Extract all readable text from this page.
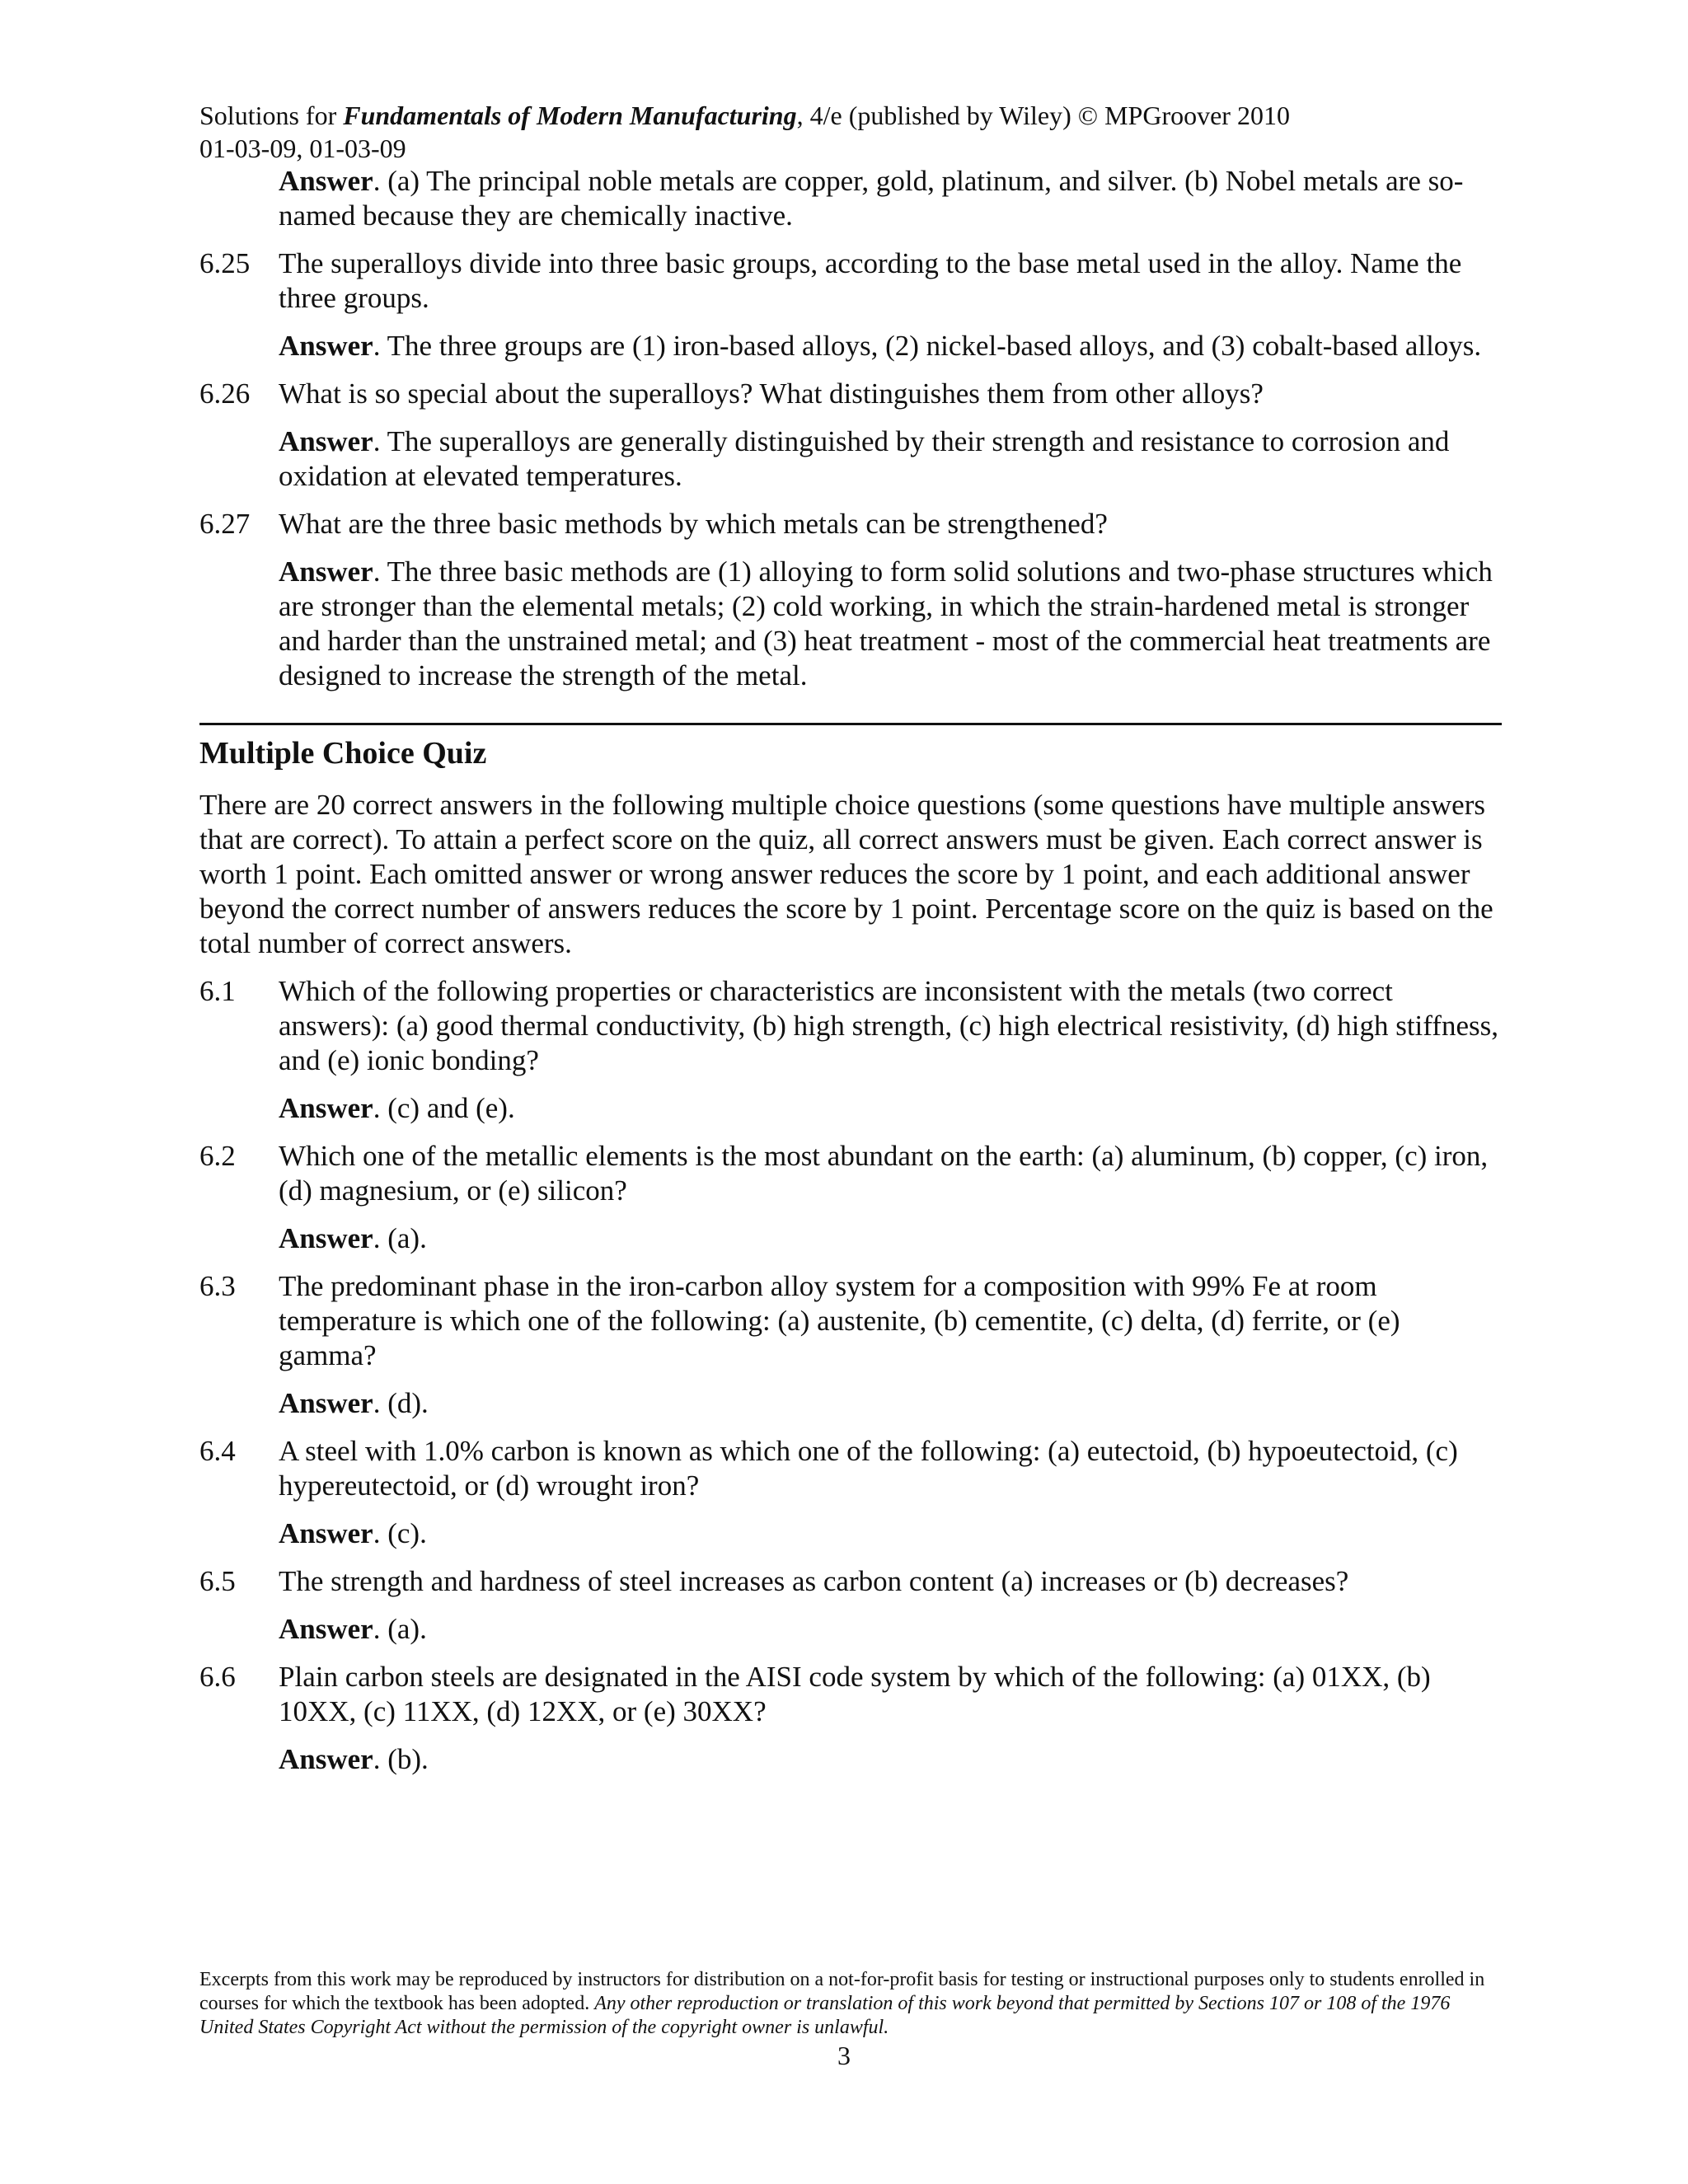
Solutions for Fundamentals of Modern Manufacturing, 4/e (published by Wiley) © MPGroover 2010
01-03-09, 01-03-09
Answer. (a) The principal noble metals are copper, gold, platinum, and silver. (b) Nobel metals are so-named because they are chemically inactive.
6.25 The superalloys divide into three basic groups, according to the base metal used in the alloy. Name the three groups.
Answer. The three groups are (1) iron-based alloys, (2) nickel-based alloys, and (3) cobalt-based alloys.
6.26 What is so special about the superalloys? What distinguishes them from other alloys?
Answer. The superalloys are generally distinguished by their strength and resistance to corrosion and oxidation at elevated temperatures.
6.27 What are the three basic methods by which metals can be strengthened?
Answer. The three basic methods are (1) alloying to form solid solutions and two-phase structures which are stronger than the elemental metals; (2) cold working, in which the strain-hardened metal is stronger and harder than the unstrained metal; and (3) heat treatment - most of the commercial heat treatments are designed to increase the strength of the metal.
Multiple Choice Quiz
There are 20 correct answers in the following multiple choice questions (some questions have multiple answers that are correct). To attain a perfect score on the quiz, all correct answers must be given. Each correct answer is worth 1 point. Each omitted answer or wrong answer reduces the score by 1 point, and each additional answer beyond the correct number of answers reduces the score by 1 point. Percentage score on the quiz is based on the total number of correct answers.
6.1	Which of the following properties or characteristics are inconsistent with the metals (two correct answers): (a) good thermal conductivity, (b) high strength, (c) high electrical resistivity, (d) high stiffness, and (e) ionic bonding?
Answer. (c) and (e).
6.2	Which one of the metallic elements is the most abundant on the earth: (a) aluminum, (b) copper, (c) iron, (d) magnesium, or (e) silicon?
Answer. (a).
6.3	The predominant phase in the iron-carbon alloy system for a composition with 99% Fe at room temperature is which one of the following: (a) austenite, (b) cementite, (c) delta, (d) ferrite, or (e) gamma?
Answer. (d).
6.4	A steel with 1.0% carbon is known as which one of the following: (a) eutectoid, (b) hypoeutectoid, (c) hypereutectoid, or (d) wrought iron?
Answer. (c).
6.5	The strength and hardness of steel increases as carbon content (a) increases or (b) decreases?
Answer. (a).
6.6	Plain carbon steels are designated in the AISI code system by which of the following: (a) 01XX, (b) 10XX, (c) 11XX, (d) 12XX, or (e) 30XX?
Answer. (b).
Excerpts from this work may be reproduced by instructors for distribution on a not-for-profit basis for testing or instructional purposes only to students enrolled in courses for which the textbook has been adopted. Any other reproduction or translation of this work beyond that permitted by Sections 107 or 108 of the 1976 United States Copyright Act without the permission of the copyright owner is unlawful.
3
